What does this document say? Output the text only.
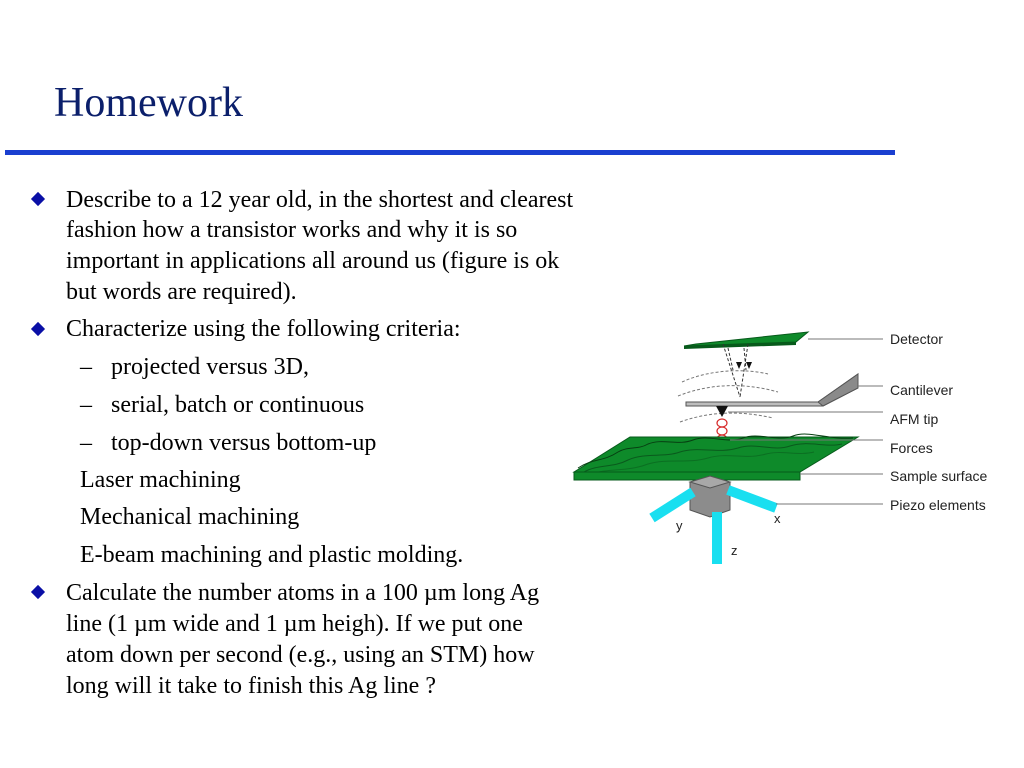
Homework
Describe to a 12 year old, in the shortest and clearest
fashion how a transistor works and why it is so
important in applications all around us (figure is ok
but words are required).
Characterize using the following criteria:
– projected versus 3D,
– serial, batch or continuous
– top-down versus bottom-up
Laser machining
Mechanical machining
E-beam machining and plastic molding.
Calculate the number atoms in a 100 µm long Ag
line (1 µm wide and 1 µm heigh). If we put one
atom down per second (e.g., using an STM) how
long will it take to finish this Ag line ?
y	x
z
Detector
Cantilever
AFM tip
Forces
Sample surface
Piezo elements
